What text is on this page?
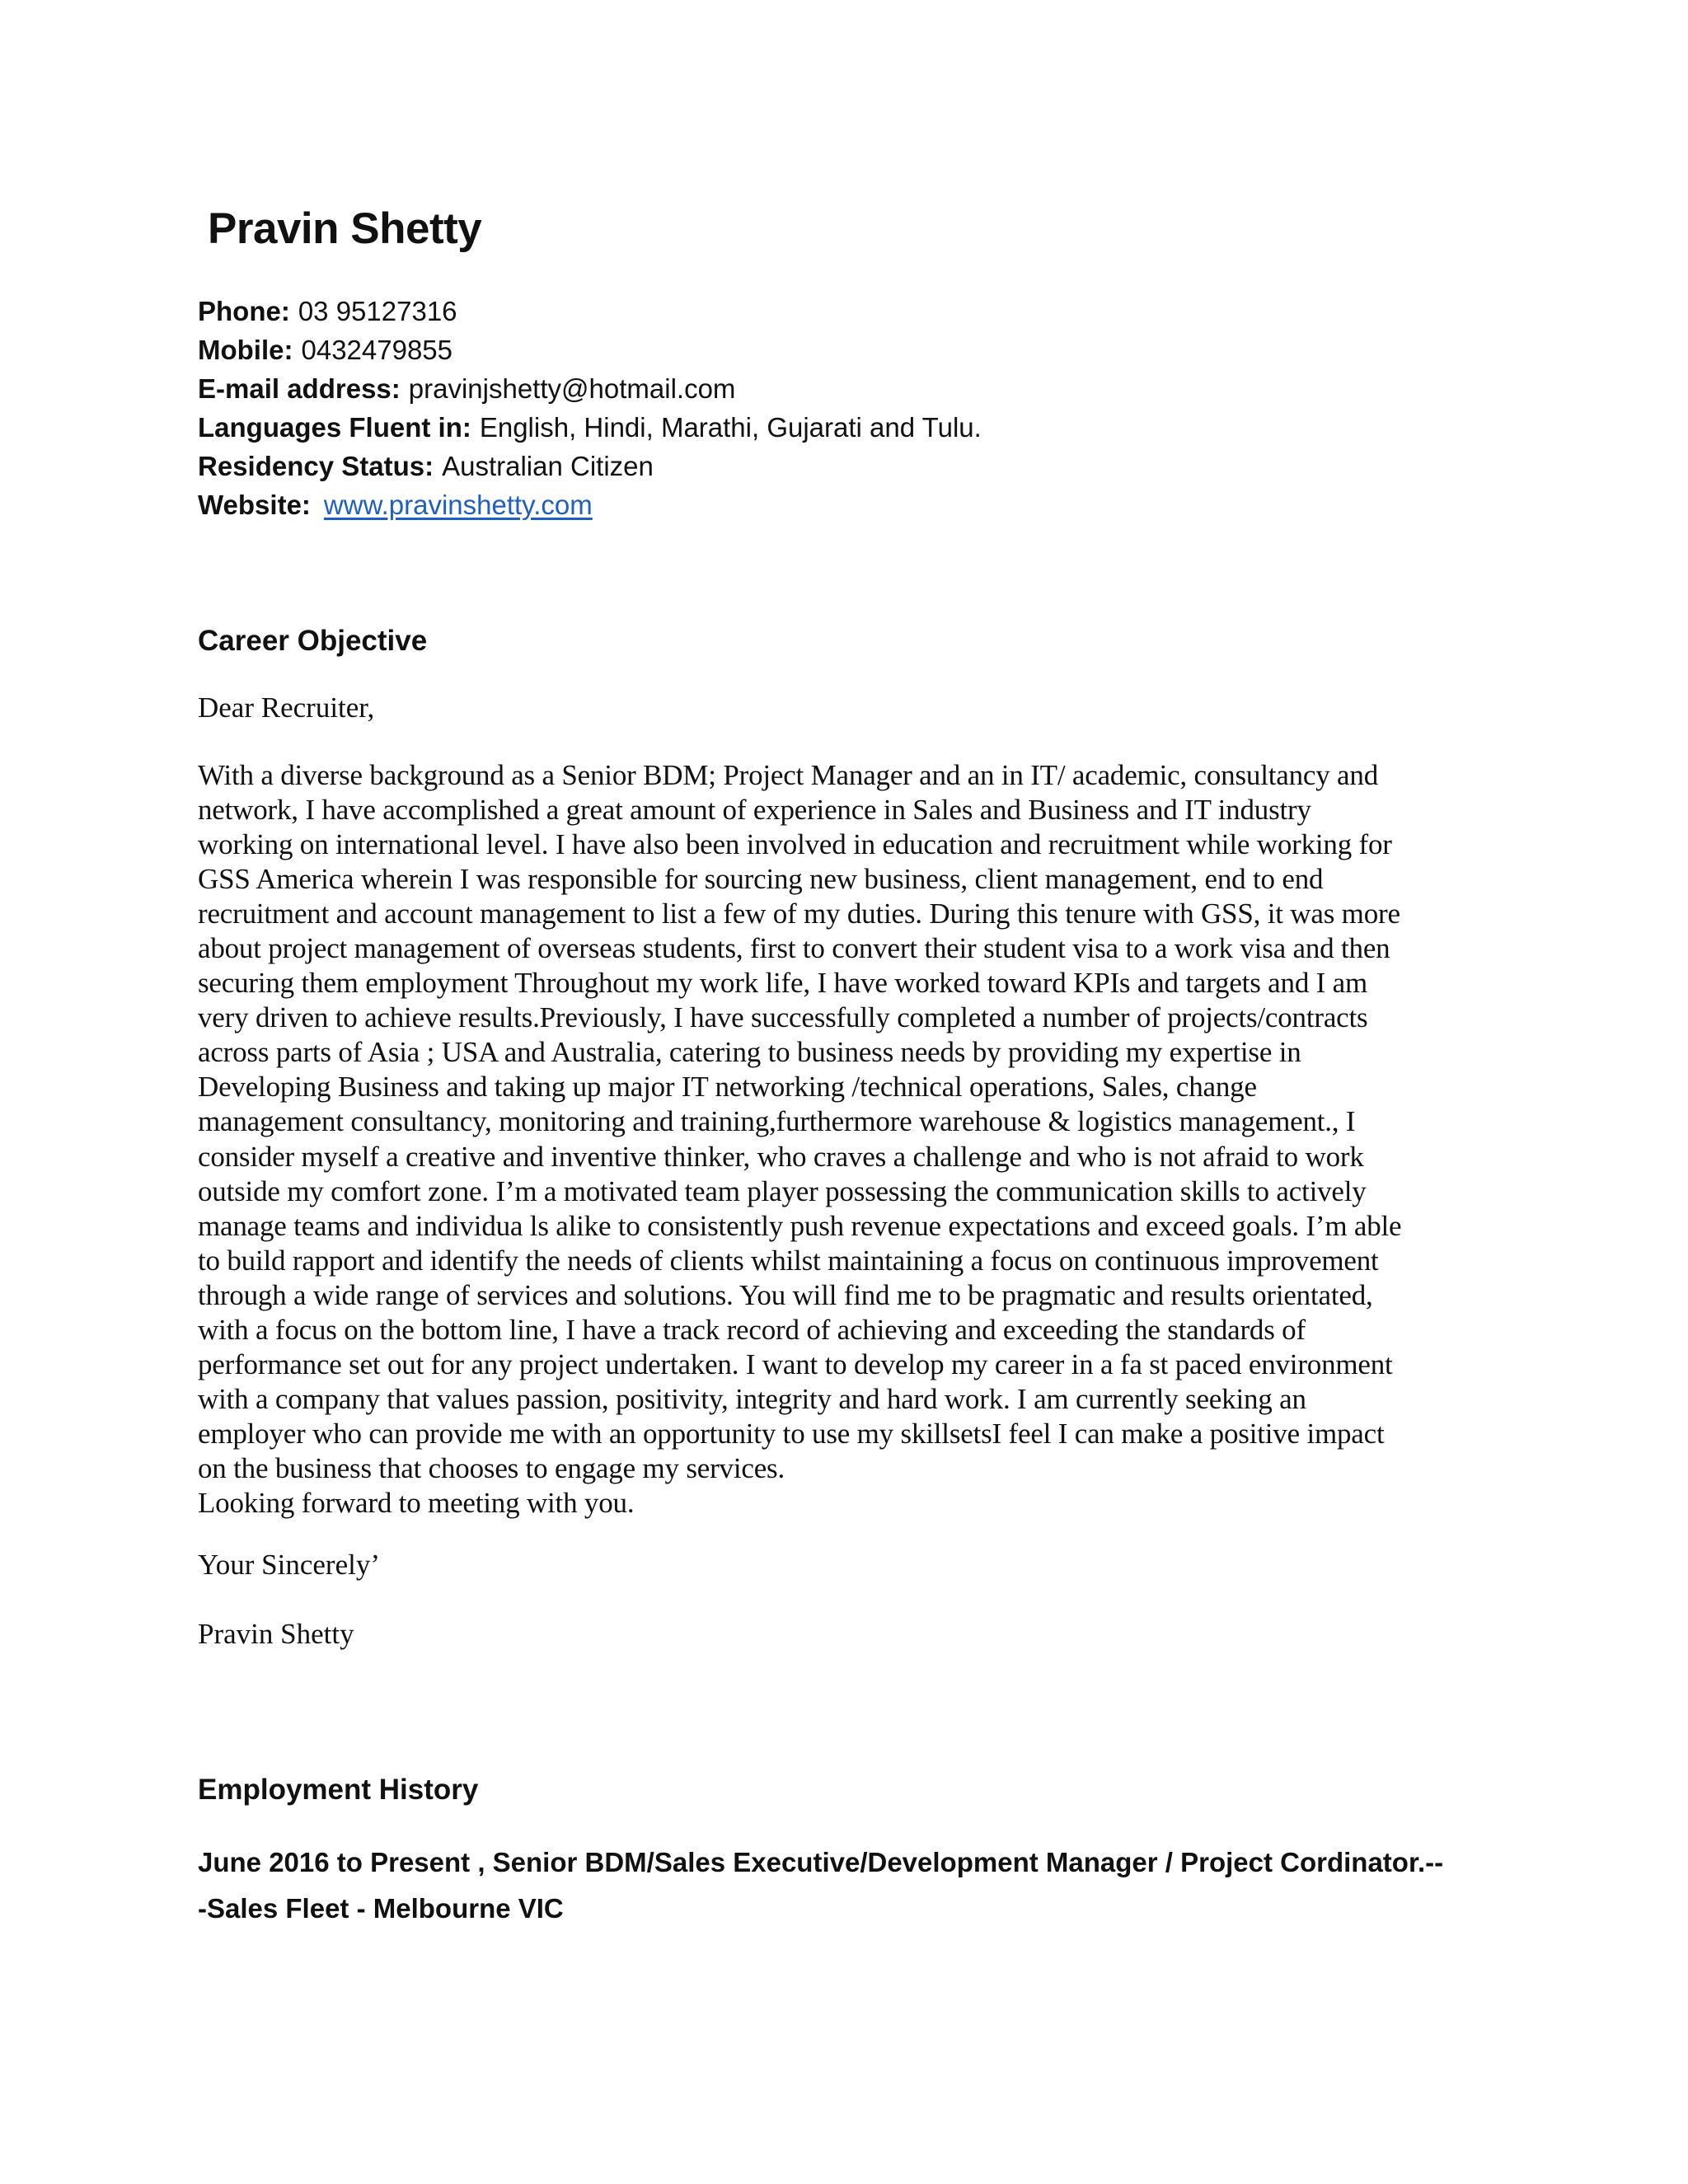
Pravin Shetty
Phone: 03 95127316
Mobile: 0432479855
E-mail address: pravinjshetty@hotmail.com
Languages Fluent in: English, Hindi, Marathi, Gujarati and Tulu.
Residency Status: Australian Citizen
Website: www.pravinshetty.com
Career Objective
Dear Recruiter,
With a diverse background as a Senior BDM; Project Manager and an in IT/ academic, consultancy and
network, I have accomplished a great amount of experience in Sales and Business and IT industry
working on international level. I have also been involved in education and recruitment while working for
GSS America wherein I was responsible for sourcing new business, client management, end to end
recruitment and account management to list a few of my duties. During this tenure with GSS, it was more
about project management of overseas students, first to convert their student visa to a work visa and then
securing them employment Throughout my work life, I have worked toward KPIs and targets and I am
very driven to achieve results.Previously, I have successfully completed a number of projects/contracts
across parts of Asia ; USA and Australia, catering to business needs by providing my expertise in
Developing Business and taking up major IT networking /technical operations, Sales, change
management consultancy, monitoring and training,furthermore warehouse & logistics management., I
consider myself a creative and inventive thinker, who craves a challenge and who is not afraid to work
outside my comfort zone. I’m a motivated team player possessing the communication skills to actively
manage teams and individua ls alike to consistently push revenue expectations and exceed goals. I’m able
to build rapport and identify the needs of clients whilst maintaining a focus on continuous improvement
through a wide range of services and solutions. You will find me to be pragmatic and results orientated,
with a focus on the bottom line, I have a track record of achieving and exceeding the standards of
performance set out for any project undertaken. I want to develop my career in a fa st paced environment
with a company that values passion, positivity, integrity and hard work. I am currently seeking an
employer who can provide me with an opportunity to use my skillsetsI feel I can make a positive impact
on the business that chooses to engage my services.
Looking forward to meeting with you.
Your Sincerely’
Pravin Shetty
Employment History
June 2016 to Present , Senior BDM/Sales Executive/Development Manager / Project Cordinator.--
-Sales Fleet - Melbourne VIC
